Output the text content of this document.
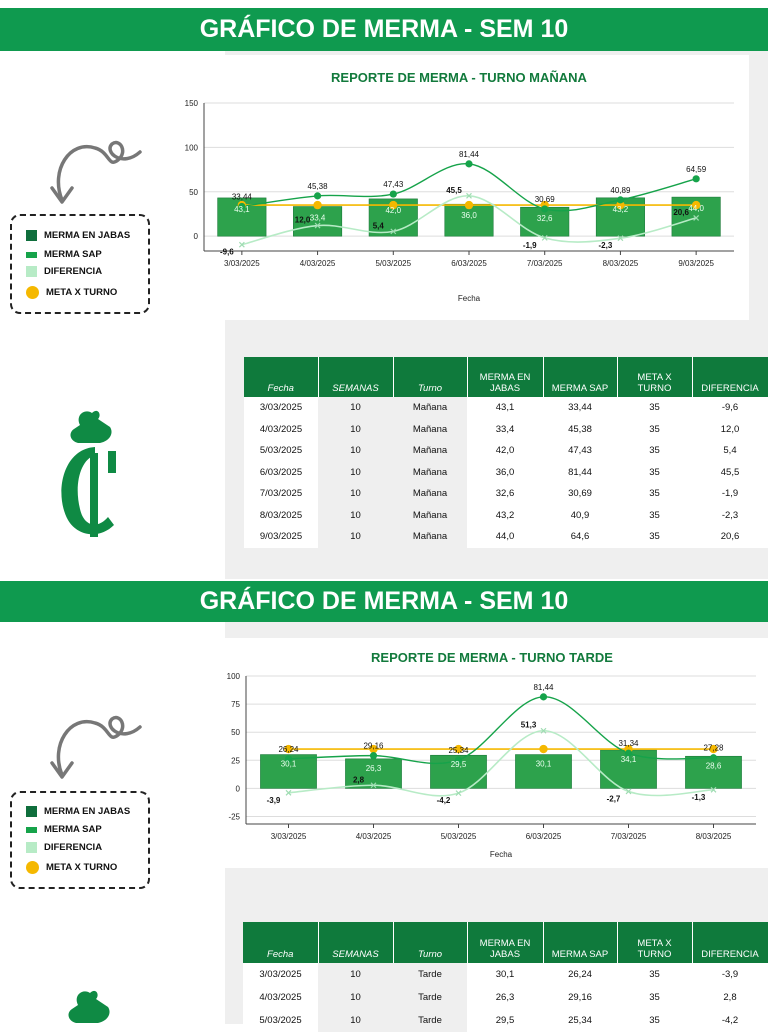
GRÁFICO DE MERMA - SEM 10
REPORTE DE MERMA - TURNO MAÑANA
0
50
100
150
3/03/2025	4/03/2025	5/03/2025	6/03/2025	7/03/2025	8/03/2025	9/03/2025
Fecha
43,1
33,4
42,0
36,0	32,6
43,2	44,0
33,44
45,38	47,43
81,44
30,69
40,89
64,59
-9,6
12,0
5,4
45,5
-1,9	-2,3
20,6
MERMA EN JABAS
MERMA SAP
DIFERENCIA
META X TURNO
Fecha	SEMANAS	Turno	MERMA EN JABAS	MERMA SAP	META X TURNO	DIFERENCIA
3/03/2025	10	Mañana	43,1	33,44	35	-9,6
4/03/2025	10	Mañana	33,4	45,38	35	12,0
5/03/2025	10	Mañana	42,0	47,43	35	5,4
6/03/2025	10	Mañana	36,0	81,44	35	45,5
7/03/2025	10	Mañana	32,6	30,69	35	-1,9
8/03/2025	10	Mañana	43,2	40,9	35	-2,3
9/03/2025	10	Mañana	44,0	64,6	35	20,6
GRÁFICO DE MERMA - SEM 10
REPORTE DE MERMA - TURNO TARDE
-25
0
25
50
75
100
3/03/2025	4/03/2025	5/03/2025	6/03/2025	7/03/2025	8/03/2025
Fecha
30,1	26,3	29,5	30,1	34,1
28,6
26,24	29,16	25,34
81,44
31,34
27,28
-3,9
2,8
-4,2
51,3
-2,7	-1,3
MERMA EN JABAS
MERMA SAP
DIFERENCIA
META X TURNO
Fecha	SEMANAS	Turno	MERMA EN JABAS	MERMA SAP	META X TURNO	DIFERENCIA
3/03/2025	10	Tarde	30,1	26,24	35	-3,9
4/03/2025	10	Tarde	26,3	29,16	35	2,8
5/03/2025	10	Tarde	29,5	25,34	35	-4,2
